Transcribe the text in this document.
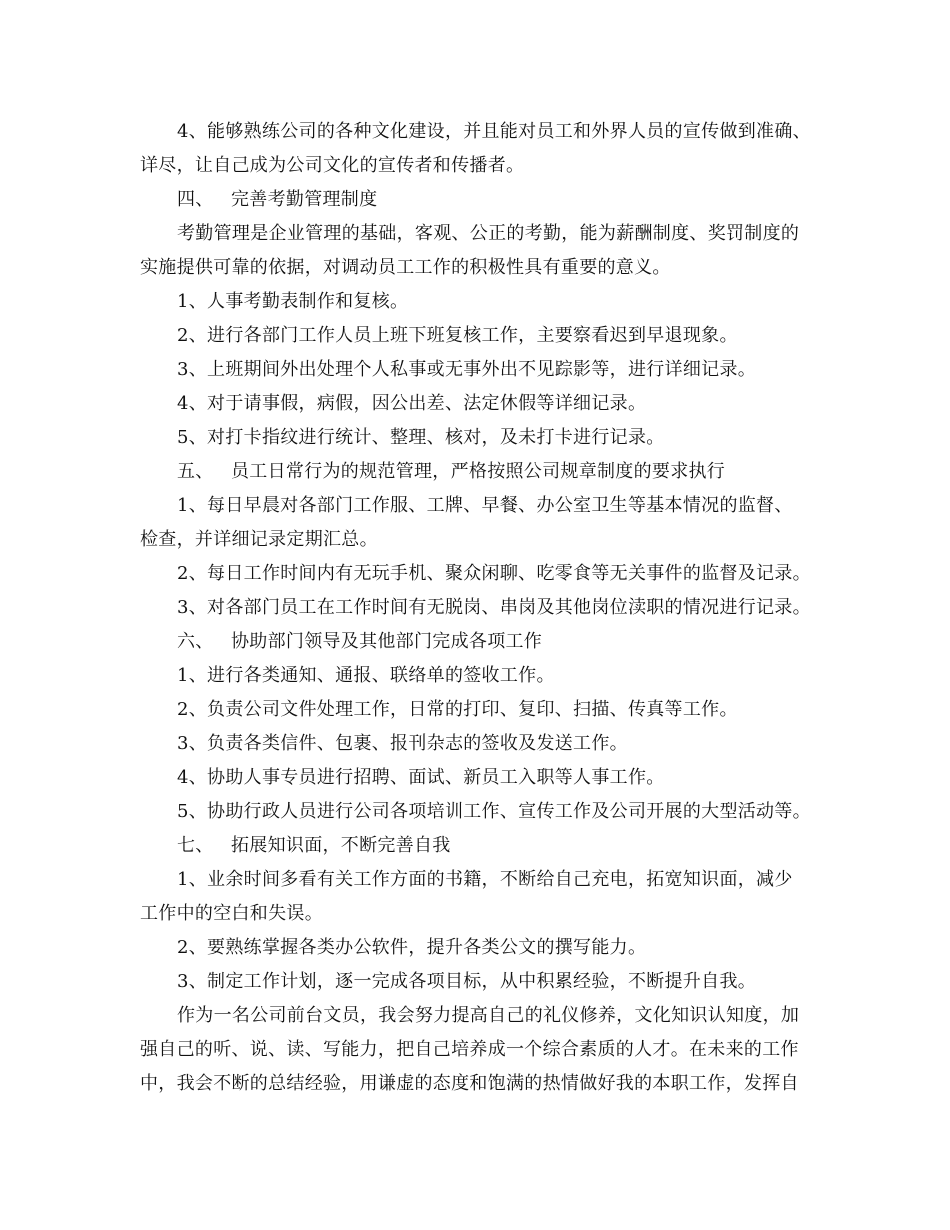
4、能够熟练公司的各种文化建设，并且能对员工和外界人员的宣传做到准确、
详尽，让自己成为公司文化的宣传者和传播者。
四、 完善考勤管理制度
考勤管理是企业管理的基础，客观、公正的考勤，能为薪酬制度、奖罚制度的
实施提供可靠的依据，对调动员工工作的积极性具有重要的意义。
1、人事考勤表制作和复核。
2、进行各部门工作人员上班下班复核工作，主要察看迟到早退现象。
3、上班期间外出处理个人私事或无事外出不见踪影等，进行详细记录。
4、对于请事假，病假，因公出差、法定休假等详细记录。
5、对打卡指纹进行统计、整理、核对，及未打卡进行记录。
五、 员工日常行为的规范管理，严格按照公司规章制度的要求执行
1、每日早晨对各部门工作服、工牌、早餐、办公室卫生等基本情况的监督、
检查，并详细记录定期汇总。
2、每日工作时间内有无玩手机、聚众闲聊、吃零食等无关事件的监督及记录。
3、对各部门员工在工作时间有无脱岗、串岗及其他岗位渎职的情况进行记录。
六、 协助部门领导及其他部门完成各项工作
1、进行各类通知、通报、联络单的签收工作。
2、负责公司文件处理工作，日常的打印、复印、扫描、传真等工作。
3、负责各类信件、包裹、报刊杂志的签收及发送工作。
4、协助人事专员进行招聘、面试、新员工入职等人事工作。
5、协助行政人员进行公司各项培训工作、宣传工作及公司开展的大型活动等。
七、 拓展知识面，不断完善自我
1、业余时间多看有关工作方面的书籍，不断给自己充电，拓宽知识面，减少
工作中的空白和失误。
2、要熟练掌握各类办公软件，提升各类公文的撰写能力。
3、制定工作计划，逐一完成各项目标，从中积累经验，不断提升自我。
作为一名公司前台文员，我会努力提高自己的礼仪修养，文化知识认知度，加
强自己的听、说、读、写能力，把自己培养成一个综合素质的人才。在未来的工作
中，我会不断的总结经验，用谦虚的态度和饱满的热情做好我的本职工作，发挥自
